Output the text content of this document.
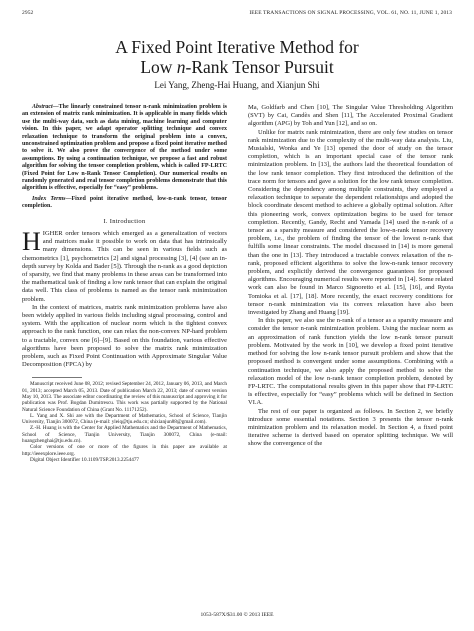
2952	IEEE TRANSACTIONS ON SIGNAL PROCESSING, VOL. 61, NO. 11, JUNE 1, 2013
A Fixed Point Iterative Method for
Low n-Rank Tensor Pursuit
Lei Yang, Zheng-Hai Huang, and Xianjun Shi

Abstract—The linearly constrained tensor n-rank minimization problem is an extension of matrix rank minimization. It is applicable in many fields which use the multi-way data, such as data mining, machine learning and computer vision. In this paper, we adapt operator splitting technique and convex relaxation technique to transform the original problem into a convex, unconstrained optimization problem and propose a fixed point iterative method to solve it. We also prove the convergence of the method under some assumptions. By using a continuation technique, we propose a fast and robust algorithm for solving the tensor completion problem, which is called FP-LRTC (Fixed Point for Low n-Rank Tensor Completion). Our numerical results on randomly generated and real tensor completion problems demonstrate that this algorithm is effective, especially for “easy” problems.

Index Terms—Fixed point iterative method, low-n-rank tensor, tensor completion.

I. Introduction

HIGHER order tensors which emerged as a generalization of vectors and matrices make it possible to work on data that has intrinsically many dimensions. This can be seen in various fields such as chemometrics [1], psychometrics [2] and signal processing [3], [4] (see an in-depth survey by Kolda and Bader [5]). Through the n-rank as a good depiction of sparsity, we find that many problems in these areas can be transformed into the mathematical task of finding a low rank tensor that can explain the original data well. This class of problems is named as the tensor rank minimization problem.

In the context of matrices, matrix rank minimization problems have also been widely applied in various fields including signal processing, control and system. With the application of nuclear norm which is the tightest convex approach to the rank function, one can relax the non-convex NP-hard problem to a tractable, convex one [6]–[9]. Based on this foundation, various effective algorithms have been proposed to solve the matrix rank minimization problem, such as Fixed Point Continuation with Approximate Singular Value Decomposition (FPCA) by

Manuscript received June 08, 2012; revised September 24, 2012, January 06, 2013, and March 01, 2013; accepted March 05, 2013. Date of publication March 22, 2013; date of current version May 10, 2013. The associate editor coordinating the review of this manuscript and approving it for publication was Prof. Bogdan Dumitrescu. This work was partially supported by the National Natural Science Foundation of China (Grant No. 11171252).

L. Yang and X. Shi are with the Department of Mathematics, School of Science, Tianjin University, Tianjin 300072, China (e-mail: yleiq@tju.edu.cn; shixianjun88@gmail.com).

Z.-H. Huang is with the Center for Applied Mathematics and the Department of Mathematics, School of Science, Tianjin University, Tianjin 300072, China (e-mail: huangzhenghai@tju.edu.cn).

Color versions of one or more of the figures in this paper are available at http://ieeexplore.ieee.org.

Digital Object Identifier 10.1109/TSP.2013.2254477

Ma, Goldfarb and Chen [10], The Singular Value Thresholding Algorithm (SVT) by Cai, Candès and Shen [11], The Accelerated Proximal Gradient algorithm (APG) by Toh and Yun [12], and so on.

Unlike for matrix rank minimization, there are only few studies on tensor rank minimization due to the complexity of the multi-way data analysis. Liu, Musialski, Wonka and Ye [13] opened the door of study on the tensor completion, which is an important special case of the tensor rank minimization problem. In [13], the authors laid the theoretical foundation of the low rank tensor completion. They first introduced the definition of the trace norm for tensors and gave a solution for the low rank tensor completion. Considering the dependency among multiple constraints, they employed a relaxation technique to separate the dependent relationships and adopted the block coordinate descent method to achieve a globally optimal solution. After this pioneering work, convex optimization begins to be used for tensor completion. Recently, Gandy, Recht and Yamada [14] used the n-rank of a tensor as a sparsity measure and considered the low-n-rank tensor recovery problem, i.e., the problem of finding the tensor of the lowest n-rank that fulfills some linear constraints. The model discussed in [14] is more general than the one in [13]. They introduced a tractable convex relaxation of the n-rank, proposed efficient algorithms to solve the low-n-rank tensor recovery problem, and explicitly derived the convergence guarantees for proposed algorithms. Encouraging numerical results were reported in [14]. Some related work can also be found in Marco Signoretto et al. [15], [16], and Ryota Tomioka et al. [17], [18]. More recently, the exact recovery conditions for tensor n-rank minimization via its convex relaxation have also been investigated by Zhang and Huang [19].

In this paper, we also use the n-rank of a tensor as a sparsity measure and consider the tensor n-rank minimization problem. Using the nuclear norm as an approximation of rank function yields the low n-rank tensor pursuit problem. Motivated by the work in [10], we develop a fixed point iterative method for solving the low n-rank tensor pursuit problem and show that the proposed method is convergent under some assumptions. Combining with a continuation technique, we also apply the proposed method to solve the relaxation model of the low n-rank tensor completion problem, denoted by FP-LRTC. The computational results given in this paper show that FP-LRTC is effective, especially for “easy” problems which will be defined in Section VI.A.

The rest of our paper is organized as follows. In Section 2, we briefly introduce some essential notations. Section 3 presents the tensor n-rank minimization problem and its relaxation model. In Section 4, a fixed point iterative scheme is derived based on operator splitting technique. We will show the convergence of the

1053-587X/$31.00 © 2013 IEEE
